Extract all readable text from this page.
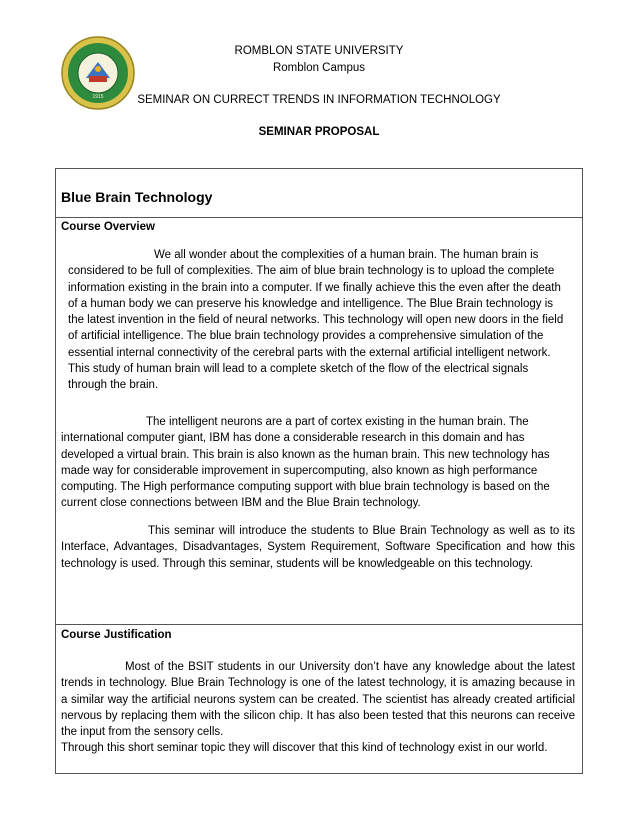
1915
ROMBLON STATE UNIVERSITY
Romblon Campus
SEMINAR ON CURRECT TRENDS IN INFORMATION TECHNOLOGY
SEMINAR PROPOSAL
Blue Brain Technology
Course Overview
We all wonder about the complexities of a human brain. The human brain is considered to be full of complexities. The aim of blue brain technology is to upload the complete information existing in the brain into a computer. If we finally achieve this the even after the death of a human body we can preserve his knowledge and intelligence. The Blue Brain technology is the latest invention in the field of neural networks. This technology will open new doors in the field of artificial intelligence. The blue brain technology provides a comprehensive simulation of the essential internal connectivity of the cerebral parts with the external artificial intelligent network. This study of human brain will lead to a complete sketch of the flow of the electrical signals through the brain.
The intelligent neurons are a part of cortex existing in the human brain. The international computer giant, IBM has done a considerable research in this domain and has developed a virtual brain. This brain is also known as the human brain. This new technology has made way for considerable improvement in supercomputing, also known as high performance computing. The High performance computing support with blue brain technology is based on the current close connections between IBM and the Blue Brain technology.
This seminar will introduce the students to Blue Brain Technology as well as to its Interface, Advantages, Disadvantages, System Requirement, Software Specification and how this technology is used. Through this seminar, students will be knowledgeable on this technology.
Course Justification
Most of the BSIT students in our University don’t have any knowledge about the latest trends in technology. Blue Brain Technology is one of the latest technology, it is amazing because in a similar way the artificial neurons system can be created. The scientist has already created artificial nervous by replacing them with the silicon chip. It has also been tested that this neurons can receive the input from the sensory cells.
Through this short seminar topic they will discover that this kind of technology exist in our world.
